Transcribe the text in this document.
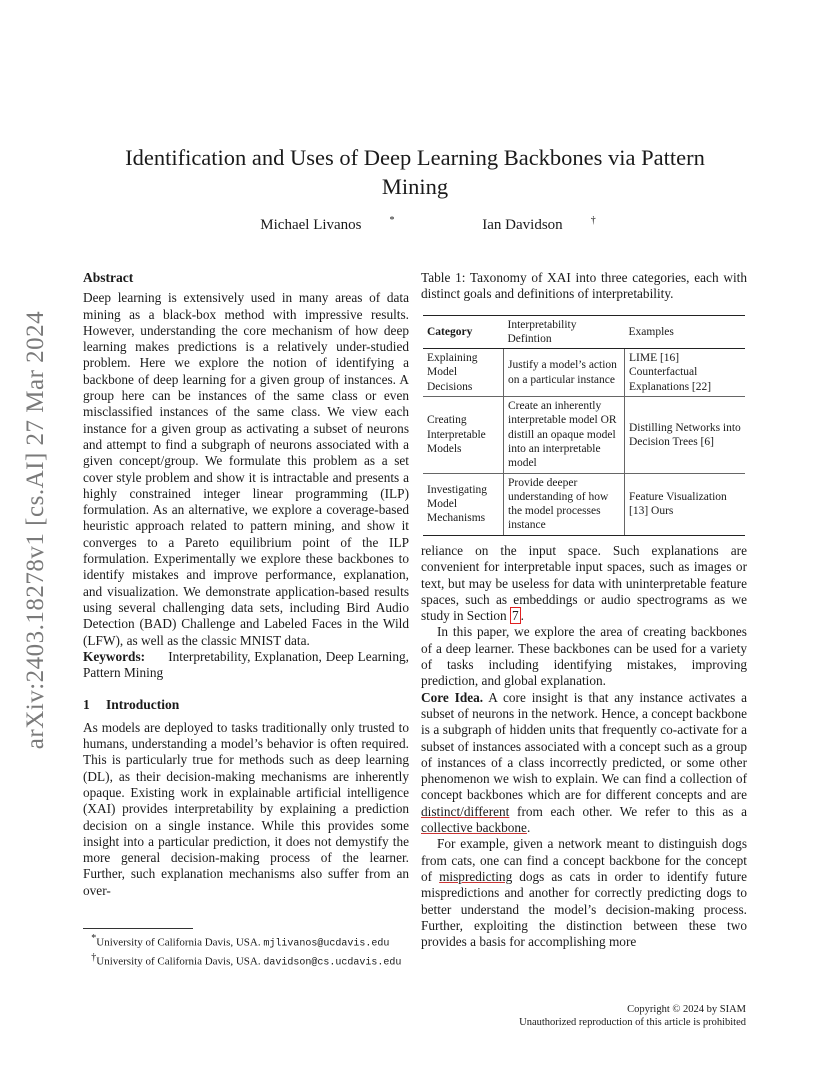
arXiv:2403.18278v1 [cs.AI] 27 Mar 2024
Identification and Uses of Deep Learning Backbones via Pattern Mining
Michael Livanos	*	Ian Davidson	†
Abstract

Deep learning is extensively used in many areas of data mining as a black-box method with impressive results. However, understanding the core mechanism of how deep learning makes predictions is a relatively under-studied problem. Here we explore the notion of identifying a backbone of deep learning for a given group of instances. A group here can be instances of the same class or even misclassified instances of the same class. We view each instance for a given group as activating a subset of neurons and attempt to find a subgraph of neurons associated with a given concept/group. We formulate this problem as a set cover style problem and show it is intractable and presents a highly constrained integer linear programming (ILP) formulation. As an alternative, we explore a coverage-based heuristic approach related to pattern mining, and show it converges to a Pareto equilibrium point of the ILP formulation. Experimentally we explore these backbones to identify mistakes and improve performance, explanation, and visualization. We demonstrate application-based results using several challenging data sets, including Bird Audio Detection (BAD) Challenge and Labeled Faces in the Wild (LFW), as well as the classic MNIST data.

Keywords: Interpretability, Explanation, Deep Learning, Pattern Mining

1 Introduction

As models are deployed to tasks traditionally only trusted to humans, understanding a model’s behavior is often required. This is particularly true for methods such as deep learning (DL), as their decision-making mechanisms are inherently opaque. Existing work in explainable artificial intelligence (XAI) provides interpretability by explaining a prediction decision on a single instance. While this provides some insight into a particular prediction, it does not demystify the more general decision-making process of the learner. Further, such explanation mechanisms also suffer from an over-

*University of California Davis, USA. mjlivanos@ucdavis.edu
†University of California Davis, USA. davidson@cs.ucdavis.edu
Table 1: Taxonomy of XAI into three categories, each with distinct goals and definitions of interpretability.
Category	Interpretability Defintion	Examples
Explaining Model Decisions	Justify a model’s action on a particular instance	LIME [16] Counterfactual Explanations [22]
Creating Interpretable Models	Create an inherently interpretable model OR distill an opaque model into an interpretable model	Distilling Networks into Decision Trees [6]
Investigating Model Mechanisms	Provide deeper understanding of how the model processes instance	Feature Visualization [13] Ours

reliance on the input space. Such explanations are convenient for interpretable input spaces, such as images or text, but may be useless for data with uninterpretable feature spaces, such as embeddings or audio spectrograms as we study in Section 7 .

In this paper, we explore the area of creating backbones of a deep learner. These backbones can be used for a variety of tasks including identifying mistakes, improving prediction, and global explanation.

Core Idea. A core insight is that any instance activates a subset of neurons in the network. Hence, a concept backbone is a subgraph of hidden units that frequently co-activate for a subset of instances associated with a concept such as a group of instances of a class incorrectly predicted, or some other phenomenon we wish to explain. We can find a collection of concept backbones which are for different concepts and are distinct/different from each other. We refer to this as a collective backbone.

For example, given a network meant to distinguish dogs from cats, one can find a concept backbone for the concept of mispredicting dogs as cats in order to identify future mispredictions and another for correctly predicting dogs to better understand the model’s decision-making process. Further, exploiting the distinction between these two provides a basis for accomplishing more

Copyright © 2024 by SIAM
Unauthorized reproduction of this article is prohibited
